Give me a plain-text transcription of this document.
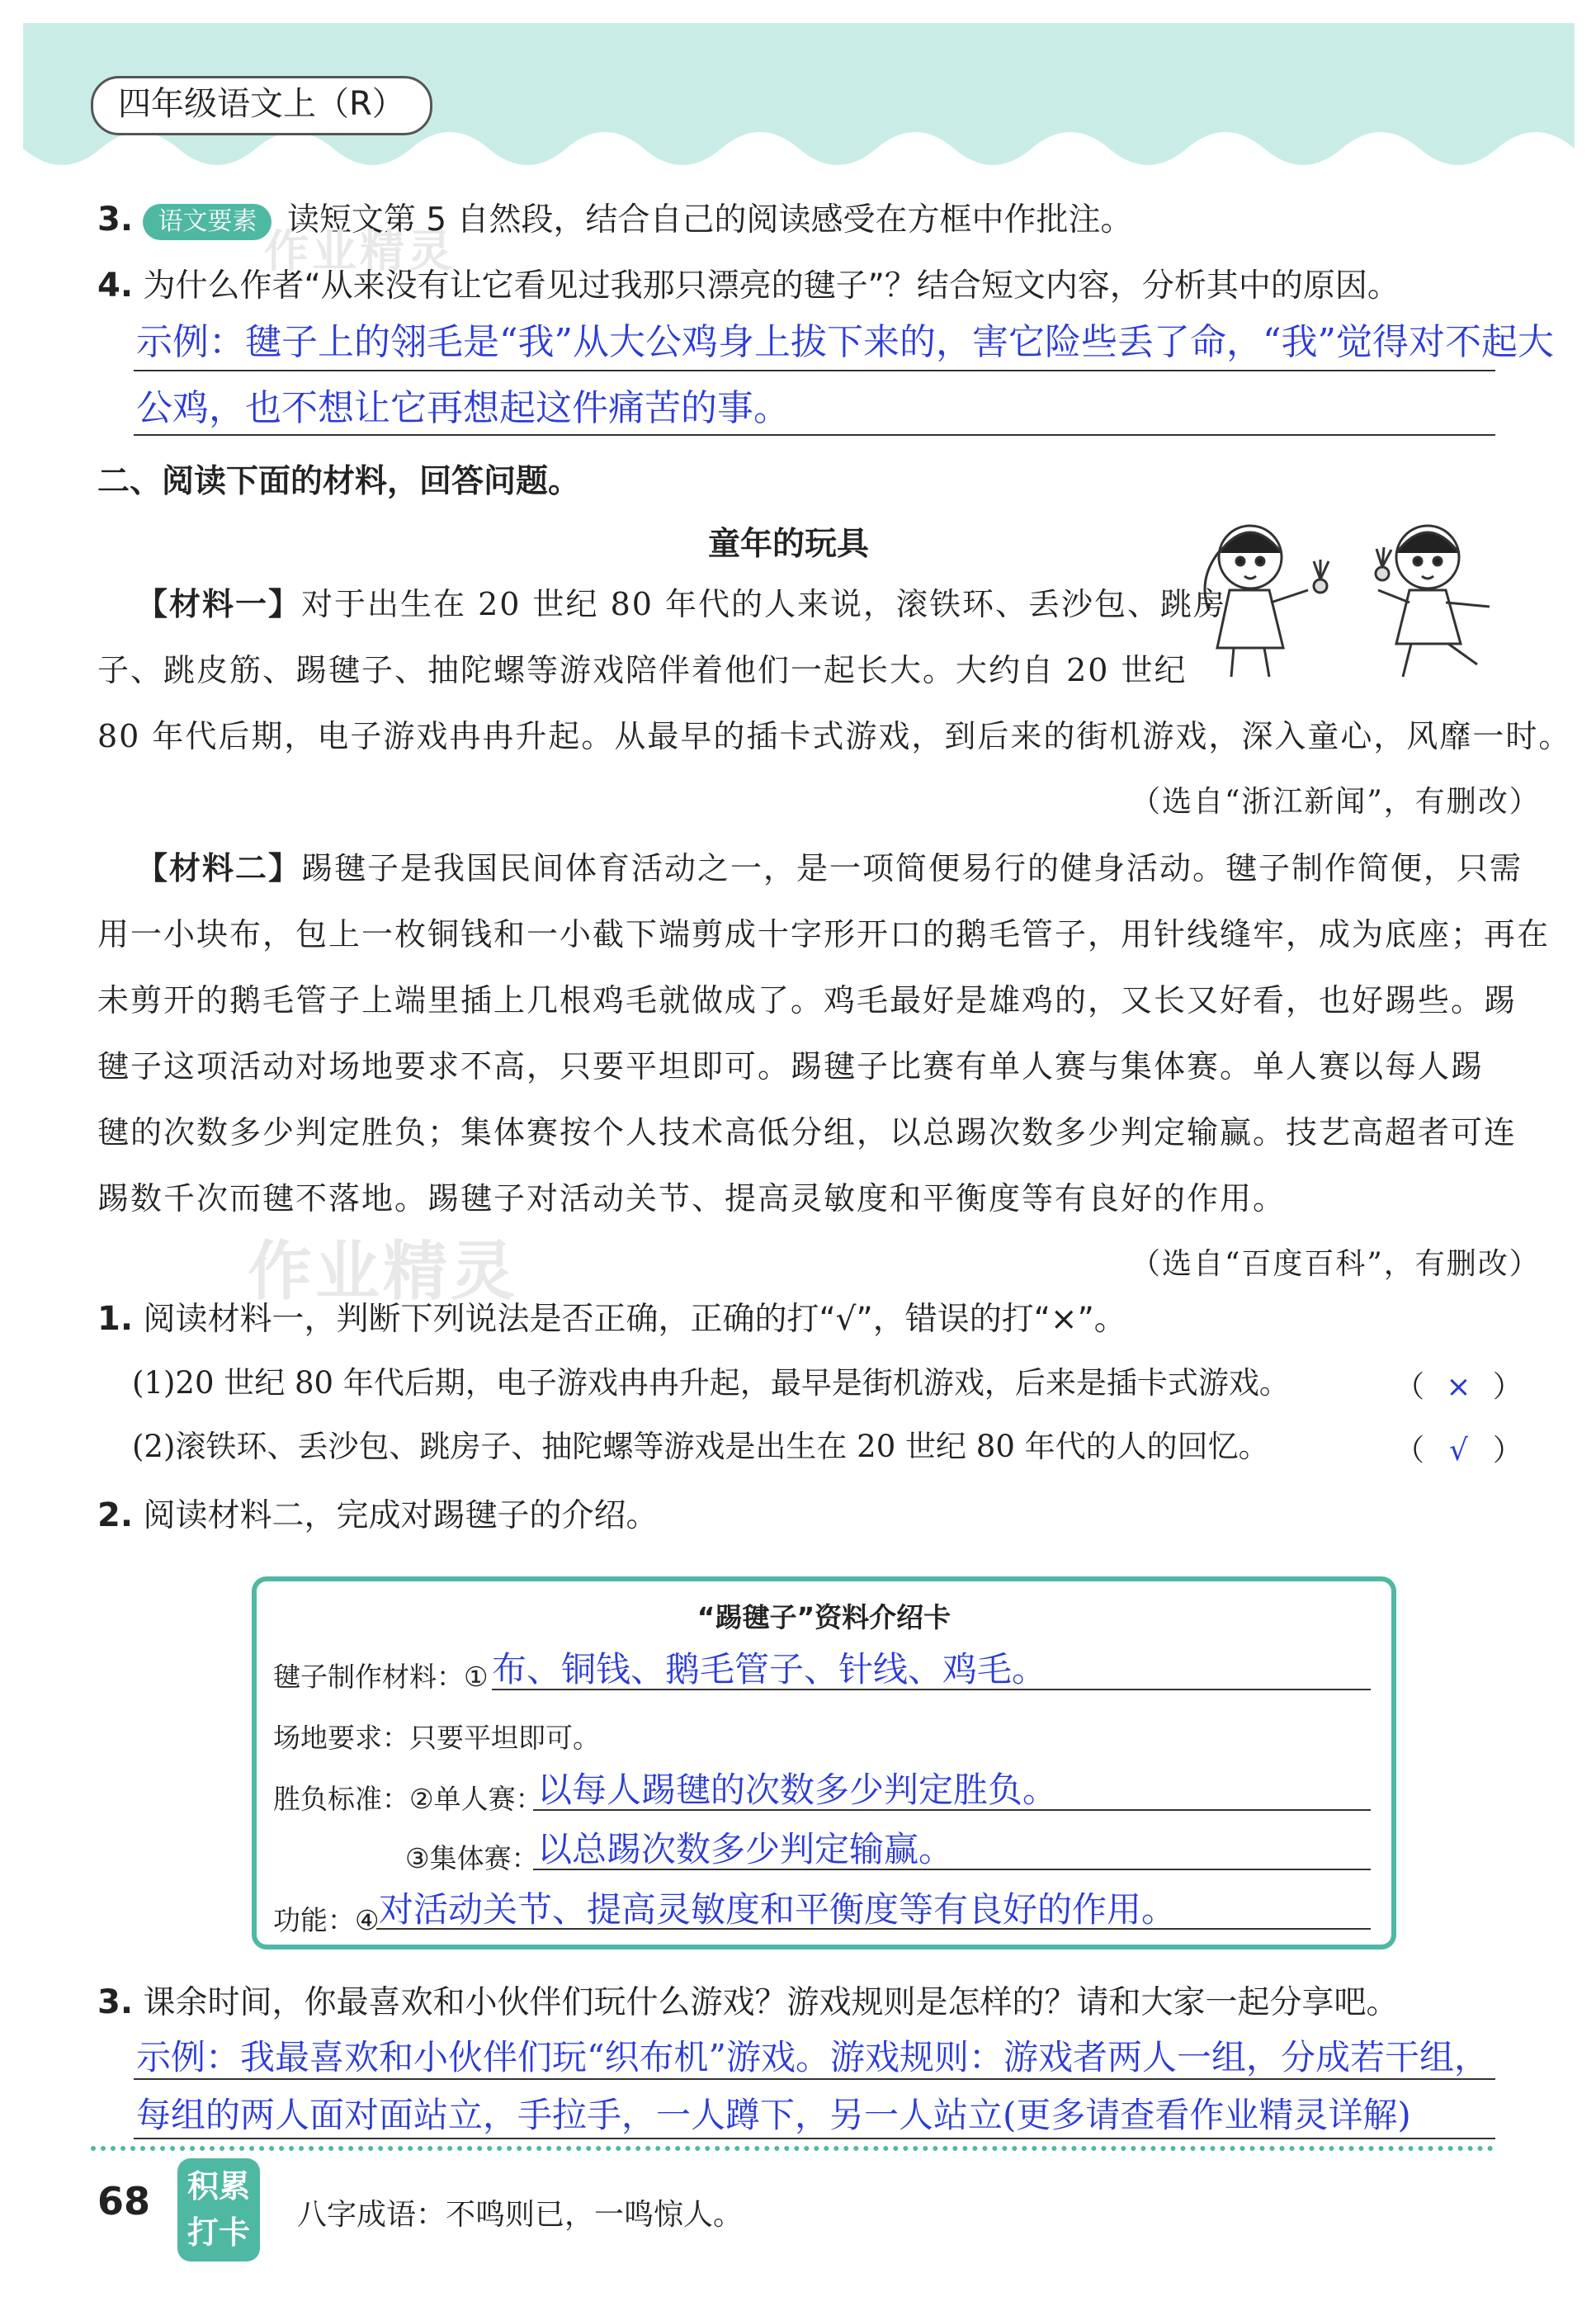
四年级语文上（R）
3. 语文要素 读短文第 5 自然段，结合自己的阅读感受在方框中作批注。
作业精灵
4. 为什么作者“从来没有让它看见过我那只漂亮的毽子”？结合短文内容，分析其中的原因。
示例：毽子上的翎毛是“我”从大公鸡身上拔下来的，害它险些丢了命，“我”觉得对不起大
公鸡，也不想让它再想起这件痛苦的事。
二、阅读下面的材料，回答问题。
童年的玩具
【材料一】对于出生在 20 世纪 80 年代的人来说，滚铁环、丢沙包、跳房
子、跳皮筋、踢毽子、抽陀螺等游戏陪伴着他们一起长大。大约自 20 世纪
80 年代后期，电子游戏冉冉升起。从最早的插卡式游戏，到后来的街机游戏，深入童心，风靡一时。
（选自“浙江新闻”，有删改）
【材料二】踢毽子是我国民间体育活动之一，是一项简便易行的健身活动。毽子制作简便，只需
用一小块布，包上一枚铜钱和一小截下端剪成十字形开口的鹅毛管子，用针线缝牢，成为底座；再在
未剪开的鹅毛管子上端里插上几根鸡毛就做成了。鸡毛最好是雄鸡的，又长又好看，也好踢些。踢
毽子这项活动对场地要求不高，只要平坦即可。踢毽子比赛有单人赛与集体赛。单人赛以每人踢
毽的次数多少判定胜负；集体赛按个人技术高低分组，以总踢次数多少判定输赢。技艺高超者可连
踢数千次而毽不落地。踢毽子对活动关节、提高灵敏度和平衡度等有良好的作用。
作业精灵	（选自“百度百科”，有删改）
1. 阅读材料一，判断下列说法是否正确，正确的打“√”，错误的打“×”。
(1)20 世纪 80 年代后期，电子游戏冉冉升起，最早是街机游戏，后来是插卡式游戏。	（ × ）
(2)滚铁环、丢沙包、跳房子、抽陀螺等游戏是出生在 20 世纪 80 年代的人的回忆。	（ √ ）
2. 阅读材料二，完成对踢毽子的介绍。
“踢毽子”资料介绍卡
毽子制作材料：① 布、铜钱、鹅毛管子、针线、鸡毛。
场地要求：只要平坦即可。
胜负标准：②单人赛：
以每人踢毽的次数多少判定胜负。
③集体赛：
以总踢次数多少判定输赢。
功能：④ 对活动关节、提高灵敏度和平衡度等有良好的作用。
3. 课余时间，你最喜欢和小伙伴们玩什么游戏？游戏规则是怎样的？请和大家一起分享吧。
示例：我最喜欢和小伙伴们玩“织布机”游戏。游戏规则：游戏者两人一组，分成若干组，
每组的两人面对面站立，手拉手，一人蹲下，另一人站立(更多请查看作业精灵详解)
68	积累
打卡	八字成语：不鸣则已，一鸣惊人。
